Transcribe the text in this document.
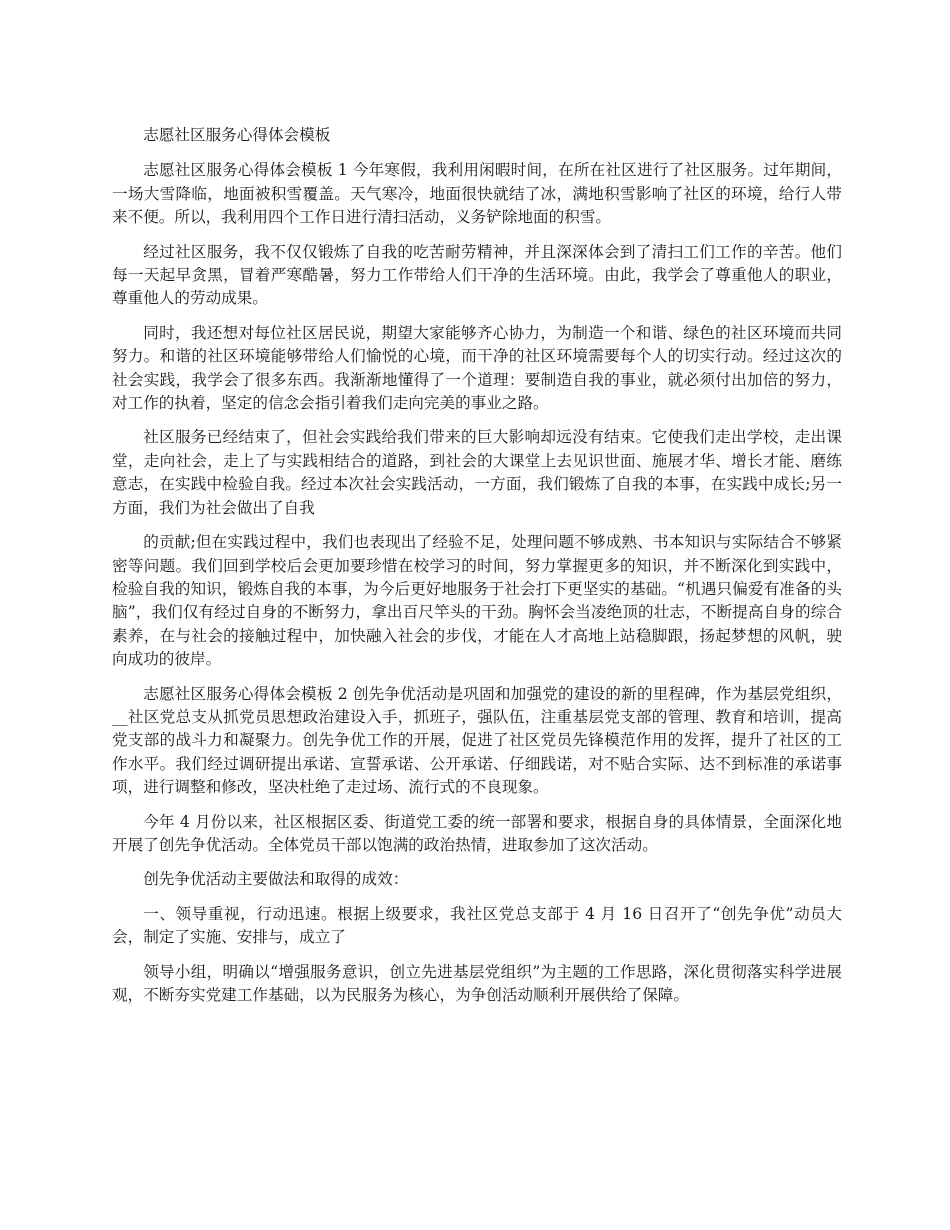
志愿社区服务心得体会模板

志愿社区服务心得体会模板 1 今年寒假，我利用闲暇时间，在所在社区进行了社区服务。过年期间，一场大雪降临，地面被积雪覆盖。天气寒冷，地面很快就结了冰，满地积雪影响了社区的环境，给行人带来不便。所以，我利用四个工作日进行清扫活动，义务铲除地面的积雪。

经过社区服务，我不仅仅锻炼了自我的吃苦耐劳精神，并且深深体会到了清扫工们工作的辛苦。他们每一天起早贪黑，冒着严寒酷暑，努力工作带给人们干净的生活环境。由此，我学会了尊重他人的职业，尊重他人的劳动成果。

同时，我还想对每位社区居民说，期望大家能够齐心协力，为制造一个和谐、绿色的社区环境而共同努力。和谐的社区环境能够带给人们愉悦的心境，而干净的社区环境需要每个人的切实行动。经过这次的社会实践，我学会了很多东西。我渐渐地懂得了一个道理：要制造自我的事业，就必须付出加倍的努力，对工作的执着，坚定的信念会指引着我们走向完美的事业之路。

社区服务已经结束了，但社会实践给我们带来的巨大影响却远没有结束。它使我们走出学校，走出课堂，走向社会，走上了与实践相结合的道路，到社会的大课堂上去见识世面、施展才华、增长才能、磨练意志，在实践中检验自我。经过本次社会实践活动，一方面，我们锻炼了自我的本事，在实践中成长;另一方面，我们为社会做出了自我

的贡献;但在实践过程中，我们也表现出了经验不足，处理问题不够成熟、书本知识与实际结合不够紧密等问题。我们回到学校后会更加要珍惜在校学习的时间，努力掌握更多的知识，并不断深化到实践中，检验自我的知识，锻炼自我的本事，为今后更好地服务于社会打下更坚实的基础。“机遇只偏爱有准备的头脑”，我们仅有经过自身的不断努力，拿出百尺竿头的干劲。胸怀会当凌绝顶的壮志，不断提高自身的综合素养，在与社会的接触过程中，加快融入社会的步伐，才能在人才高地上站稳脚跟，扬起梦想的风帆，驶向成功的彼岸。

志愿社区服务心得体会模板 2 创先争优活动是巩固和加强党的建设的新的里程碑，作为基层党组织，__社区党总支从抓党员思想政治建设入手，抓班子，强队伍，注重基层党支部的管理、教育和培训，提高党支部的战斗力和凝聚力。创先争优工作的开展，促进了社区党员先锋模范作用的发挥，提升了社区的工作水平。我们经过调研提出承诺、宣誓承诺、公开承诺、仔细践诺，对不贴合实际、达不到标准的承诺事项，进行调整和修改，坚决杜绝了走过场、流行式的不良现象。

今年 4 月份以来，社区根据区委、街道党工委的统一部署和要求，根据自身的具体情景，全面深化地开展了创先争优活动。全体党员干部以饱满的政治热情，进取参加了这次活动。

创先争优活动主要做法和取得的成效：

一、领导重视，行动迅速。根据上级要求，我社区党总支部于 4 月 16 日召开了“创先争优”动员大会，制定了实施、安排与，成立了

领导小组，明确以“增强服务意识，创立先进基层党组织”为主题的工作思路，深化贯彻落实科学进展观，不断夯实党建工作基础，以为民服务为核心，为争创活动顺利开展供给了保障。
